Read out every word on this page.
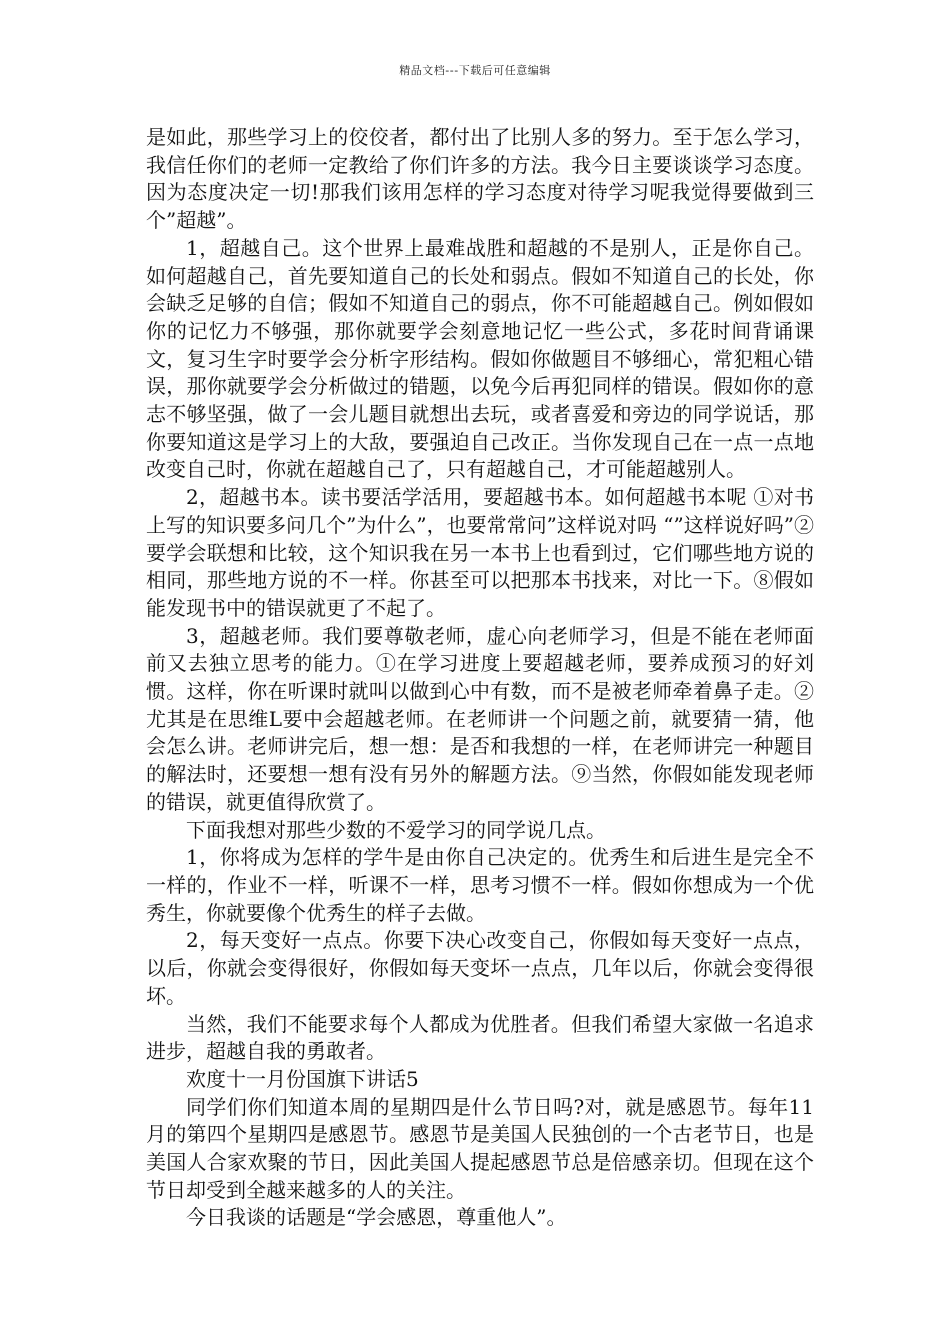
精品文档---下载后可任意编辑

是如此，那些学习上的佼佼者，都付出了比别人多的努力。至于怎么学习，我信任你们的老师一定教给了你们许多的方法。我今日主要谈谈学习态度。因为态度决定一切!那我们该用怎样的学习态度对待学习呢我觉得要做到三个”超越”。

1，超越自己。这个世界上最难战胜和超越的不是别人，正是你自己。如何超越自己，首先要知道自己的长处和弱点。假如不知道自己的长处，你会缺乏足够的自信；假如不知道自己的弱点，你不可能超越自己。例如假如你的记忆力不够强，那你就要学会刻意地记忆一些公式，多花时间背诵课文，复习生字时要学会分析字形结构。假如你做题目不够细心，常犯粗心错误，那你就要学会分析做过的错题，以免今后再犯同样的错误。假如你的意志不够坚强，做了一会儿题目就想出去玩，或者喜爱和旁边的同学说话，那你要知道这是学习上的大敌，要强迫自己改正。当你发现自己在一点一点地改变自己时，你就在超越自己了，只有超越自己，才可能超越别人。

2，超越书本。读书要活学活用，要超越书本。如何超越书本呢 ①对书上写的知识要多问几个”为什么”，也要常常问”这样说对吗 “”这样说好吗”②要学会联想和比较，这个知识我在另一本书上也看到过，它们哪些地方说的相同，那些地方说的不一样。你甚至可以把那本书找来，对比一下。⑧假如能发现书中的错误就更了不起了。

3，超越老师。我们要尊敬老师，虚心向老师学习，但是不能在老师面前又去独立思考的能力。①在学习进度上要超越老师，要养成预习的好刘惯。这样，你在听课时就叫以做到心中有数，而不是被老师牵着鼻子走。②尤其是在思维L要中会超越老师。在老师讲一个问题之前，就要猜一猜，他会怎么讲。老师讲完后，想一想：是否和我想的一样，在老师讲完一种题目的解法时，还要想一想有没有另外的解题方法。⑨当然，你假如能发现老师的错误，就更值得欣赏了。

下面我想对那些少数的不爱学习的同学说几点。

1，你将成为怎样的学牛是由你自己决定的。优秀生和后进生是完全不一样的，作业不一样，听课不一样，思考习惯不一样。假如你想成为一个优秀生，你就要像个优秀生的样子去做。

2，每天变好一点点。你要下决心改变自己，你假如每天变好一点点，以后，你就会变得很好，你假如每天变坏一点点，几年以后，你就会变得很坏。

当然，我们不能要求每个人都成为优胜者。但我们希望大家做一名追求进步，超越自我的勇敢者。

欢度十一月份国旗下讲话5

同学们你们知道本周的星期四是什么节日吗?对，就是感恩节。每年11月的第四个星期四是感恩节。感恩节是美国人民独创的一个古老节日，也是美国人合家欢聚的节日，因此美国人提起感恩节总是倍感亲切。但现在这个节日却受到全越来越多的人的关注。

今日我谈的话题是“学会感恩，尊重他人”。
